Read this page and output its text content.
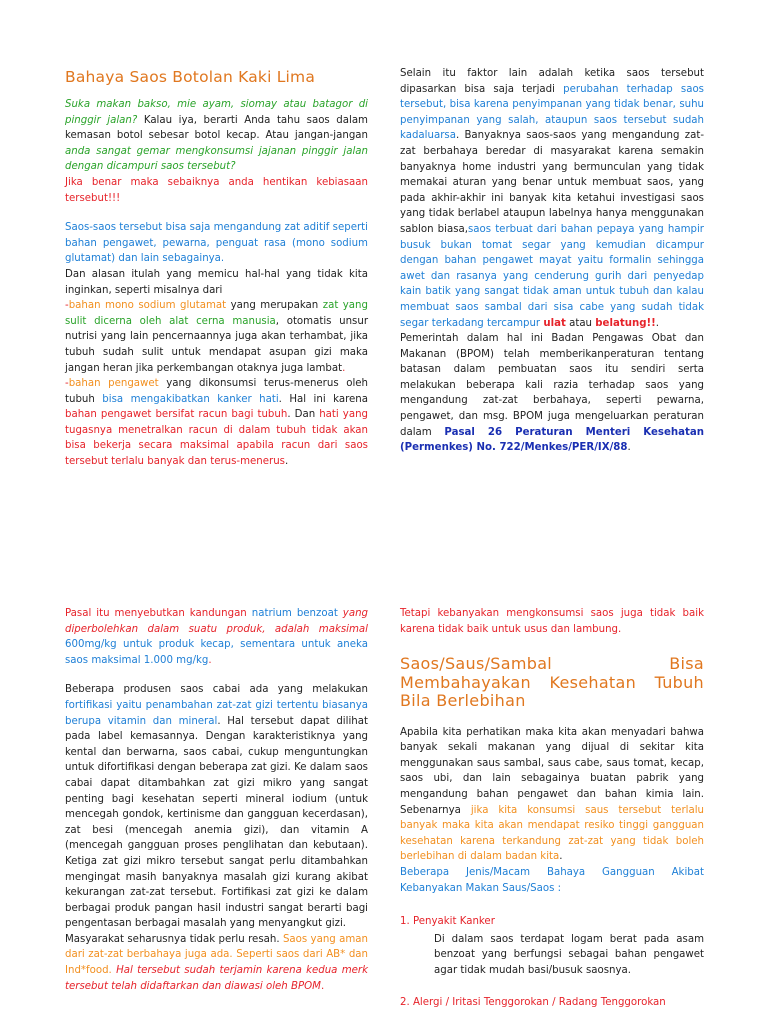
Bahaya Saos Botolan Kaki Lima

Suka makan bakso, mie ayam, siomay atau batagor di pinggir jalan? Kalau iya, berarti Anda tahu saos dalam kemasan botol sebesar botol kecap. Atau jangan-jangan anda sangat gemar mengkonsumsi jajanan pinggir jalan dengan dicampuri saos tersebut?

Jika benar maka sebaiknya anda hentikan kebiasaan tersebut!!!

Saos-saos tersebut bisa saja mengandung zat aditif seperti bahan pengawet, pewarna, penguat rasa (mono sodium glutamat) dan lain sebagainya.

Dan alasan itulah yang memicu hal-hal yang tidak kita inginkan, seperti misalnya dari

-bahan mono sodium glutamat yang merupakan zat yang sulit dicerna oleh alat cerna manusia, otomatis unsur nutrisi yang lain pencernaannya juga akan terhambat, jika tubuh sudah sulit untuk mendapat asupan gizi maka jangan heran jika perkembangan otaknya juga lambat.

-bahan pengawet yang dikonsumsi terus-menerus oleh tubuh bisa mengakibatkan kanker hati. Hal ini karena bahan pengawet bersifat racun bagi tubuh. Dan hati yang tugasnya menetralkan racun di dalam tubuh tidak akan bisa bekerja secara maksimal apabila racun dari saos tersebut terlalu banyak dan terus-menerus.

Selain itu faktor lain adalah ketika saos tersebut dipasarkan bisa saja terjadi perubahan terhadap saos tersebut, bisa karena penyimpanan yang tidak benar, suhu penyimpanan yang salah, ataupun saos tersebut sudah kadaluarsa. Banyaknya saos-saos yang mengandung zat-zat berbahaya beredar di masyarakat karena semakin banyaknya home industri yang bermunculan yang tidak memakai aturan yang benar untuk membuat saos, yang pada akhir-akhir ini banyak kita ketahui investigasi saos yang tidak berlabel ataupun labelnya hanya menggunakan sablon biasa,saos terbuat dari bahan pepaya yang hampir busuk bukan tomat segar yang kemudian dicampur dengan bahan pengawet mayat yaitu formalin sehingga awet dan rasanya yang cenderung gurih dari penyedap kain batik yang sangat tidak aman untuk tubuh dan kalau membuat saos sambal dari sisa cabe yang sudah tidak segar terkadang tercampur ulat atau belatung!!.

Pemerintah dalam hal ini Badan Pengawas Obat dan Makanan (BPOM) telah memberikanperaturan tentang batasan dalam pembuatan saos itu sendiri serta melakukan beberapa kali razia terhadap saos yang mengandung zat-zat berbahaya, seperti pewarna, pengawet, dan msg. BPOM juga mengeluarkan peraturan dalam Pasal 26 Peraturan Menteri Kesehatan (Permenkes) No. 722/Menkes/PER/IX/88.

Pasal itu menyebutkan kandungan natrium benzoat yang diperbolehkan dalam suatu produk, adalah maksimal 600mg/kg untuk produk kecap, sementara untuk aneka saos maksimal 1.000 mg/kg.

Beberapa produsen saos cabai ada yang melakukan fortifikasi yaitu penambahan zat-zat gizi tertentu biasanya berupa vitamin dan mineral. Hal tersebut dapat dilihat pada label kemasannya. Dengan karakteristiknya yang kental dan berwarna, saos cabai, cukup menguntungkan untuk difortifikasi dengan beberapa zat gizi. Ke dalam saos cabai dapat ditambahkan zat gizi mikro yang sangat penting bagi kesehatan seperti mineral iodium (untuk mencegah gondok, kertinisme dan gangguan kecerdasan), zat besi (mencegah anemia gizi), dan vitamin A (mencegah gangguan proses penglihatan dan kebutaan). Ketiga zat gizi mikro tersebut sangat perlu ditambahkan mengingat masih banyaknya masalah gizi kurang akibat kekurangan zat-zat tersebut. Fortifikasi zat gizi ke dalam berbagai produk pangan hasil industri sangat berarti bagi pengentasan berbagai masalah yang menyangkut gizi.

Masyarakat seharusnya tidak perlu resah. Saos yang aman dari zat-zat berbahaya juga ada. Seperti saos dari AB* dan Ind*food. Hal tersebut sudah terjamin karena kedua merk tersebut telah didaftarkan dan diawasi oleh BPOM.

Tetapi kebanyakan mengkonsumsi saos juga tidak baik karena tidak baik untuk usus dan lambung.

Saos/Saus/Sambal Bisa Membahayakan Kesehatan Tubuh Bila Berlebihan

Apabila kita perhatikan maka kita akan menyadari bahwa banyak sekali makanan yang dijual di sekitar kita menggunakan saus sambal, saus cabe, saus tomat, kecap, saos ubi, dan lain sebagainya buatan pabrik yang mengandung bahan pengawet dan bahan kimia lain. Sebenarnya jika kita konsumsi saus tersebut terlalu banyak maka kita akan mendapat resiko tinggi gangguan kesehatan karena terkandung zat-zat yang tidak boleh berlebihan di dalam badan kita.

Beberapa Jenis/Macam Bahaya Gangguan Akibat Kebanyakan Makan Saus/Saos :

1. Penyakit Kanker

Di dalam saos terdapat logam berat pada asam benzoat yang berfungsi sebagai bahan pengawet agar tidak mudah basi/busuk saosnya.

2. Alergi / Iritasi Tenggorokan / Radang Tenggorokan
